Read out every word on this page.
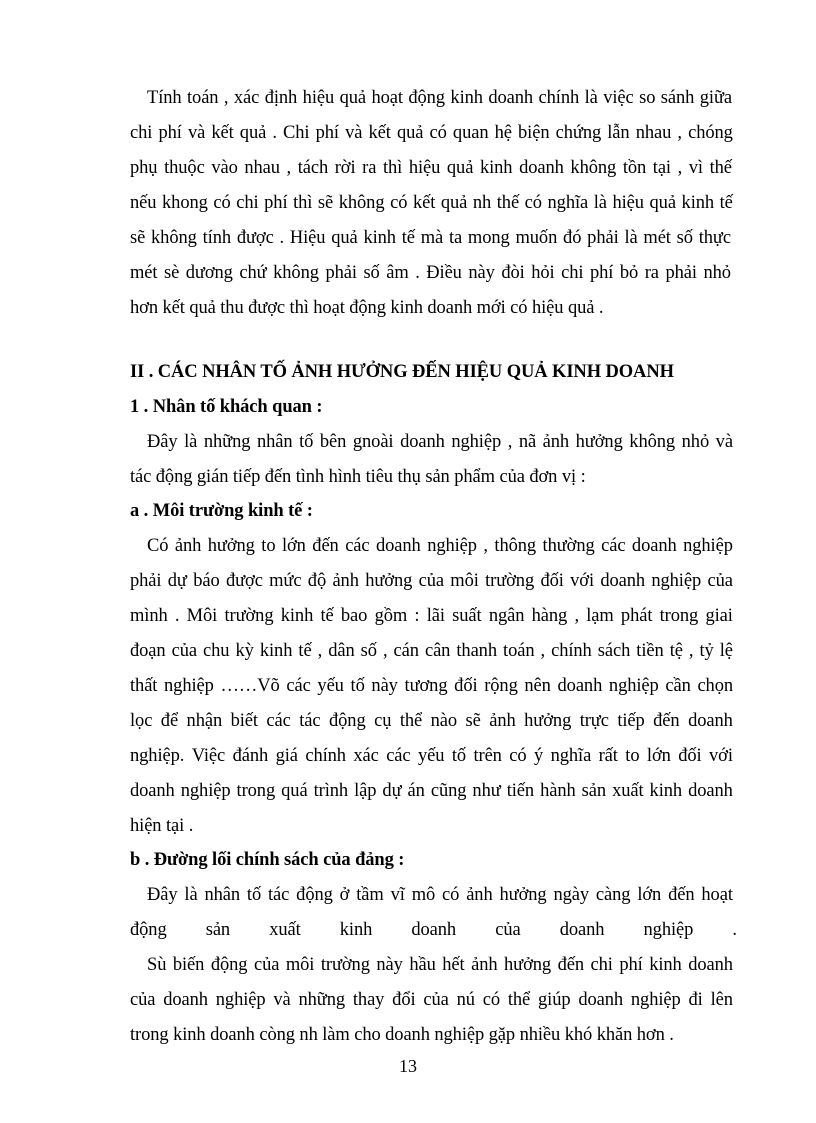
Tính toán , xác định hiệu quả hoạt động kinh doanh chính là việc so sánh giữa
chi phí và kết quả . Chi phí và kết quả có quan hệ biện chứng lẫn nhau , chóng
phụ thuộc vào nhau , tách rời ra thì hiệu quả kinh doanh không tồn tại , vì thế
nếu khong có chi phí thì sẽ không có kết quả nh thế có nghĩa là hiệu quả kinh tế
sẽ không tính được . Hiệu quả kinh tế mà ta mong muốn đó phải là mét số thực
mét sè dương chứ không phải số âm . Điều này đòi hỏi chi phí bỏ ra phải nhỏ
hơn kết quả thu được thì hoạt động kinh doanh mới có hiệu quả .
II . CÁC NHÂN TỐ ẢNH HƯỞNG ĐẾN HIỆU QUẢ KINH DOANH
1 . Nhân tố khách quan :
Đây là những nhân tố bên gnoài doanh nghiệp , nã ảnh hưởng không nhỏ và
tác động gián tiếp đến tình hình tiêu thụ sản phẩm của đơn vị :
a . Môi trường kinh tế :
Có ảnh hưởng to lớn đến các doanh nghiệp , thông thường các doanh nghiệp
phải dự báo được mức độ ảnh hưởng của môi trường đối với doanh nghiệp của
mình . Môi trường kinh tế bao gồm : lãi suất ngân hàng , lạm phát trong giai
đoạn của chu kỳ kinh tế , dân số , cán cân thanh toán , chính sách tiền tệ , tỷ lệ
thất nghiệp ……Võ các yếu tố này tương đối rộng nên doanh nghiệp cần chọn
lọc để nhận biết các tác động cụ thể nào sẽ ảnh hưởng trực tiếp đến doanh
nghiệp. Việc đánh giá chính xác các yếu tố trên có ý nghĩa rất to lớn đối với
doanh nghiệp trong quá trình lập dự án cũng như tiến hành sản xuất kinh doanh
hiện tại .
b . Đường lối chính sách của đảng :
Đây là nhân tố tác động ở tầm vĩ mô có ảnh hưởng ngày càng lớn đến hoạt
động sản xuất kinh doanh của doanh nghiệp .
Sù biến động của môi trường này hầu hết ảnh hưởng đến chi phí kinh doanh
của doanh nghiệp và những thay đổi của nú có thể giúp doanh nghiệp đi lên
trong kinh doanh còng nh làm cho doanh nghiệp gặp nhiều khó khăn hơn .
13
